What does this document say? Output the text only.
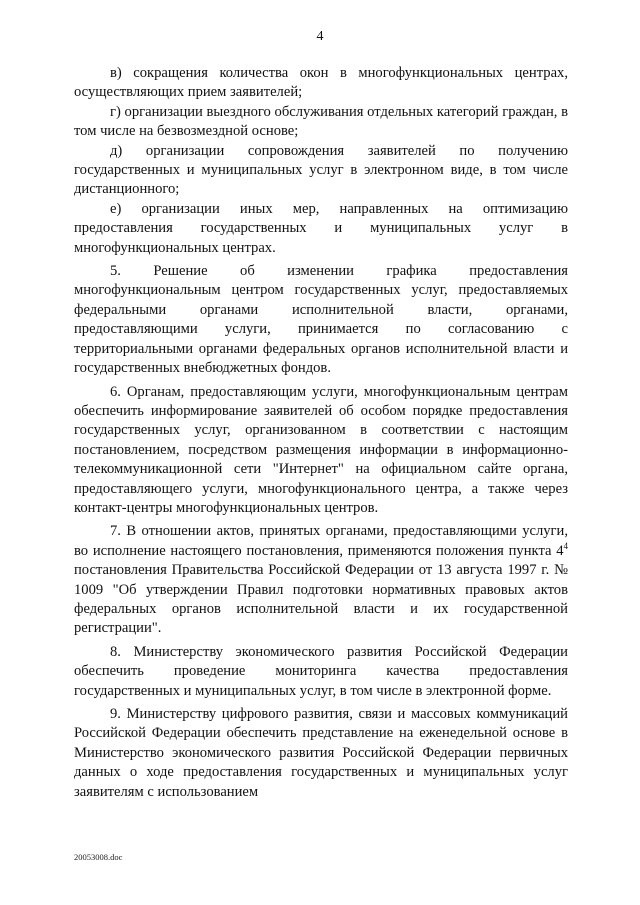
4

в) сокращения количества окон в многофункциональных центрах, осуществляющих прием заявителей;

г) организации выездного обслуживания отдельных категорий граждан, в том числе на безвозмездной основе;

д) организации сопровождения заявителей по получению государственных и муниципальных услуг в электронном виде, в том числе дистанционного;

е) организации иных мер, направленных на оптимизацию предоставления государственных и муниципальных услуг в многофункциональных центрах.

5. Решение об изменении графика предоставления многофункциональным центром государственных услуг, предоставляемых федеральными органами исполнительной власти, органами, предоставляющими услуги, принимается по согласованию с территориальными органами федеральных органов исполнительной власти и государственных внебюджетных фондов.

6. Органам, предоставляющим услуги, многофункциональным центрам обеспечить информирование заявителей об особом порядке предоставления государственных услуг, организованном в соответствии с настоящим постановлением, посредством размещения информации в информационно-телекоммуникационной сети "Интернет" на официальном сайте органа, предоставляющего услуги, многофункционального центра, а также через контакт-центры многофункциональных центров.

7. В отношении актов, принятых органами, предоставляющими услуги, во исполнение настоящего постановления, применяются положения пункта $4^4$ постановления Правительства Российской Федерации от 13 августа 1997 г. № 1009 "Об утверждении Правил подготовки нормативных правовых актов федеральных органов исполнительной власти и их государственной регистрации".

8. Министерству экономического развития Российской Федерации обеспечить проведение мониторинга качества предоставления государственных и муниципальных услуг, в том числе в электронной форме.

9. Министерству цифрового развития, связи и массовых коммуникаций Российской Федерации обеспечить представление на еженедельной основе в Министерство экономического развития Российской Федерации первичных данных о ходе предоставления государственных и муниципальных услуг заявителям с использованием

20053008.doc
